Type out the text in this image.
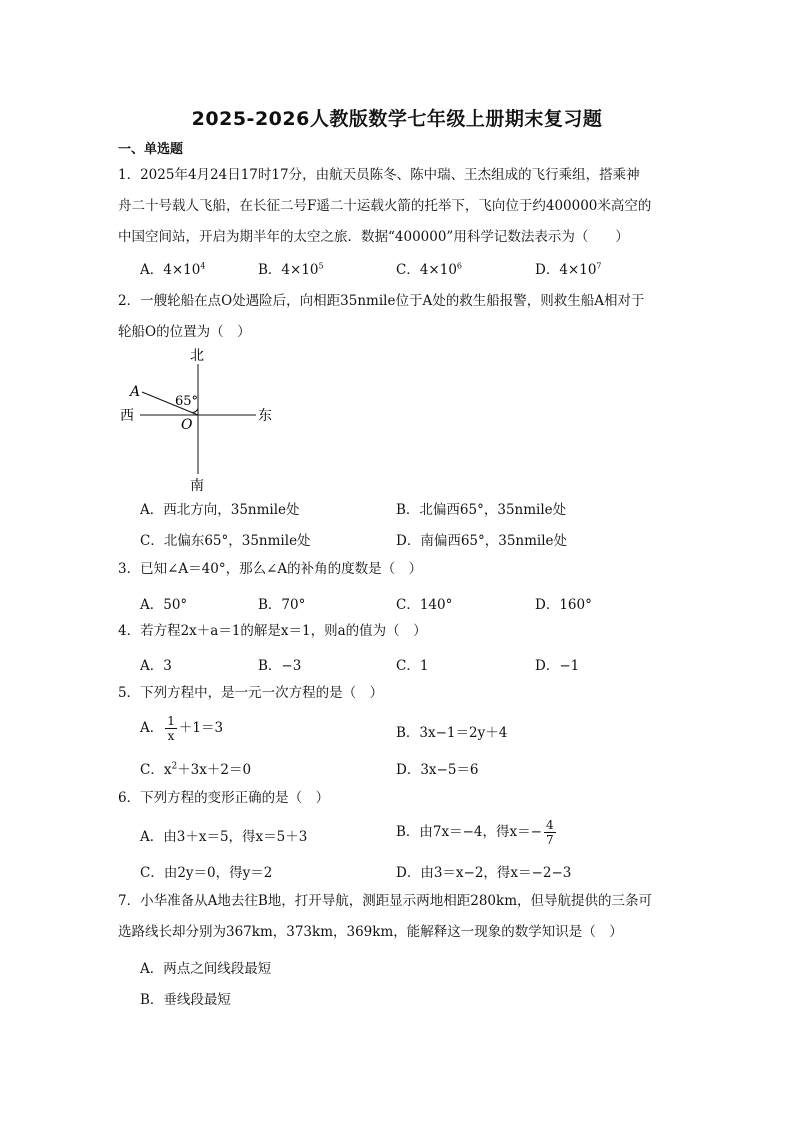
2025-2026人教版数学七年级上册期末复习题
一、单选题
1．2025年4月24日17时17分，由航天员陈冬、陈中瑞、王杰组成的飞行乘组，搭乘神
舟二十号载人飞船，在长征二号F遥二十运载火箭的托举下，飞向位于约400000米高空的
中国空间站，开启为期半年的太空之旅．数据“400000”用科学记数法表示为（　　）
A．$4\times 10^4$	B．$4\times 10^5$	C．$4\times 10^6$	D．$4\times 10^7$
2．一艘轮船在点O处遇险后，向相距35nmile位于A处的救生船报警，则救生船A相对于
轮船O的位置为（　）
北
南
西	东
65°
A
O
A．西北方向，35nmile处	B．北偏西65°，35nmile处
C．北偏东65°，35nmile处	D．南偏西65°，35nmile处
3．已知∠A＝40°，那么∠A的补角的度数是（　）
A．50°	B．70°	C．140°	D．160°
4．若方程2x＋a＝1的解是x＝1，则a的值为（　）
A．3	B．−3	C．1	D．−1
5．下列方程中，是一元一次方程的是（　）
A． $\frac{1}{x} +1=3$	B．3x−1＝2y＋4
C．$x^2+3x+2=0$	D．3x−5＝6
6．下列方程的变形正确的是（　）
A．由3＋x＝5，得x＝5＋3	B．由7x＝−4，得$x=- \frac{4}{7}$
C．由2y＝0，得y＝2	D．由3＝x−2，得x＝−2−3
7．小华准备从A地去往B地，打开导航，测距显示两地相距280km，但导航提供的三条可
选路线长却分别为367km，373km，369km，能解释这一现象的数学知识是（　）
A．两点之间线段最短
B．垂线段最短
